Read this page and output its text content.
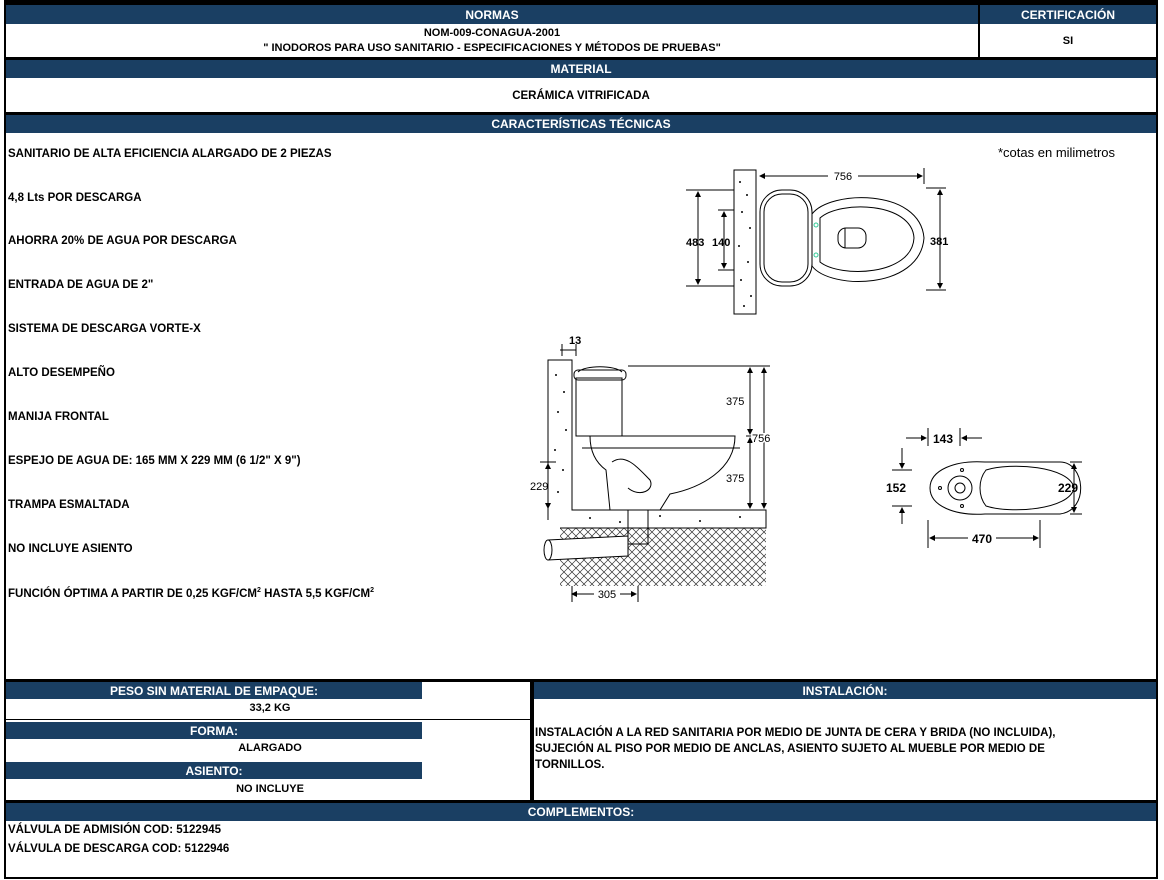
NORMAS	CERTIFICACIÓN
NOM-009-CONAGUA-2001
" INODOROS PARA USO SANITARIO - ESPECIFICACIONES Y MÉTODOS DE PRUEBAS"
SI
MATERIAL
CERÁMICA VITRIFICADA
CARACTERÍSTICAS TÉCNICAS
*cotas en milimetros
SANITARIO DE ALTA EFICIENCIA ALARGADO DE 2 PIEZAS
4,8 Lts POR DESCARGA
AHORRA 20% DE AGUA POR DESCARGA
ENTRADA DE AGUA DE 2"
SISTEMA DE DESCARGA VORTE-X
ALTO DESEMPEÑO
MANIJA FRONTAL
ESPEJO DE AGUA DE: 165 MM X 229 MM (6 1/2" X 9")
TRAMPA ESMALTADA
NO INCLUYE ASIENTO
FUNCIÓN ÓPTIMA A PARTIR DE 0,25 KGF/$CM^2$ HASTA 5,5 KGF/$CM^2$
756
483 140	381
13
375
756
375
229
305
143
152	229
470
PESO SIN MATERIAL DE EMPAQUE:
33,2 KG
FORMA:
ALARGADO
ASIENTO:
NO INCLUYE
INSTALACIÓN:
INSTALACIÓN A LA RED SANITARIA POR MEDIO DE JUNTA DE CERA Y BRIDA (NO INCLUIDA),
SUJECIÓN AL PISO POR MEDIO DE ANCLAS, ASIENTO SUJETO AL MUEBLE POR MEDIO DE
TORNILLOS.
COMPLEMENTOS:
VÁLVULA DE ADMISIÓN COD: 5122945
VÁLVULA DE DESCARGA COD: 5122946
